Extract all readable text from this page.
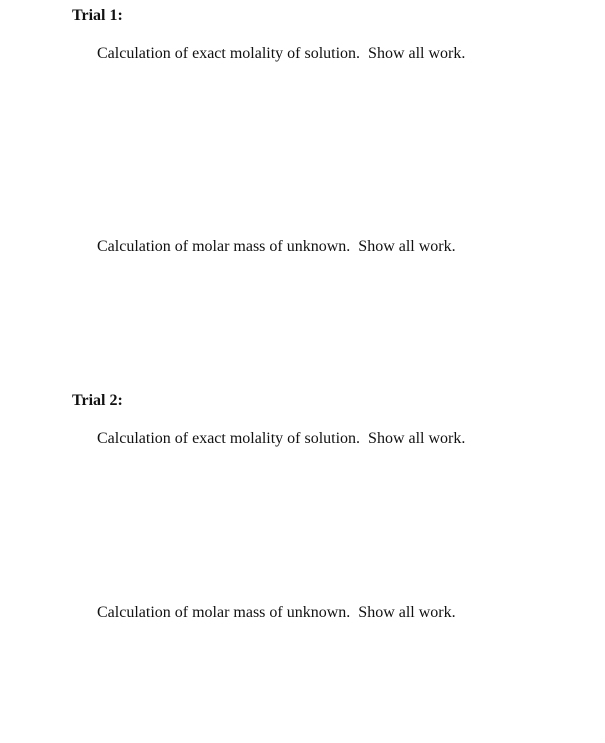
Trial 1:
Calculation of exact molality of solution.  Show all work.
Calculation of molar mass of unknown.  Show all work.
Trial 2:
Calculation of exact molality of solution.  Show all work.
Calculation of molar mass of unknown.  Show all work.
